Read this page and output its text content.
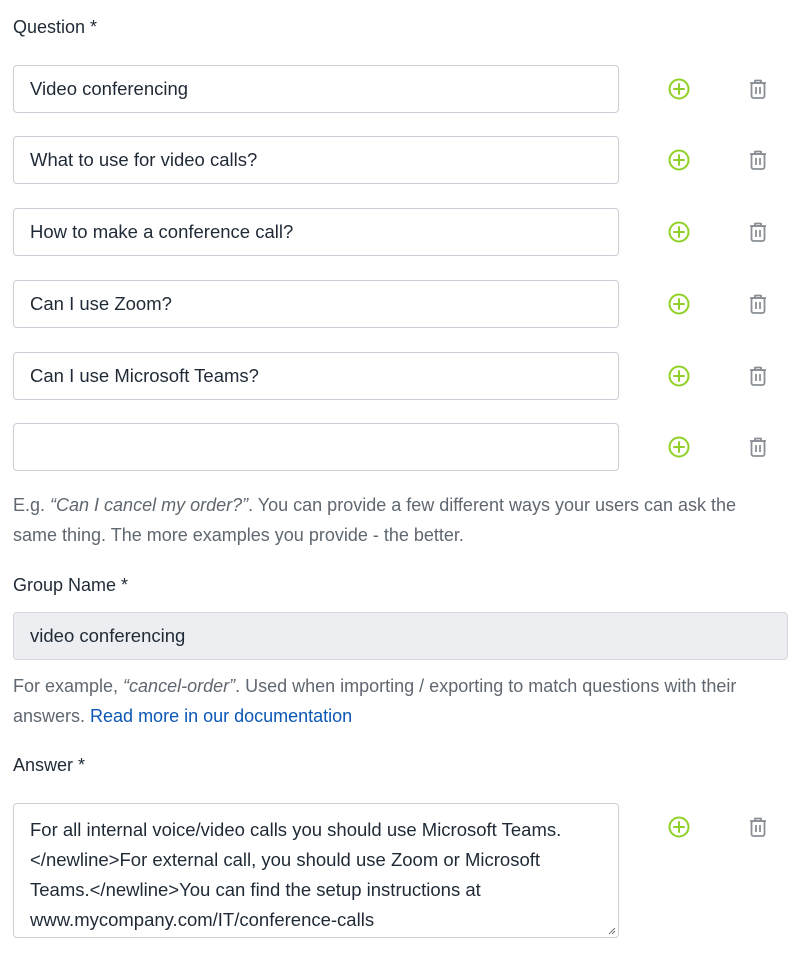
Question *
Video conferencing
What to use for video calls?
How to make a conference call?
Can I use Zoom?
Can I use Microsoft Teams?
E.g. “Can I cancel my order?”. You can provide a few different ways your users can ask the same thing. The more examples you provide - the better.
Group Name *
video conferencing
For example, “cancel-order”. Used when importing / exporting to match questions with their answers. Read more in our documentation
Answer *
For all internal voice/video calls you should use Microsoft Teams.</newline>For external call, you should use Zoom or Microsoft Teams.</newline>You can find the setup instructions at www.mycompany.com/IT/conference-calls
